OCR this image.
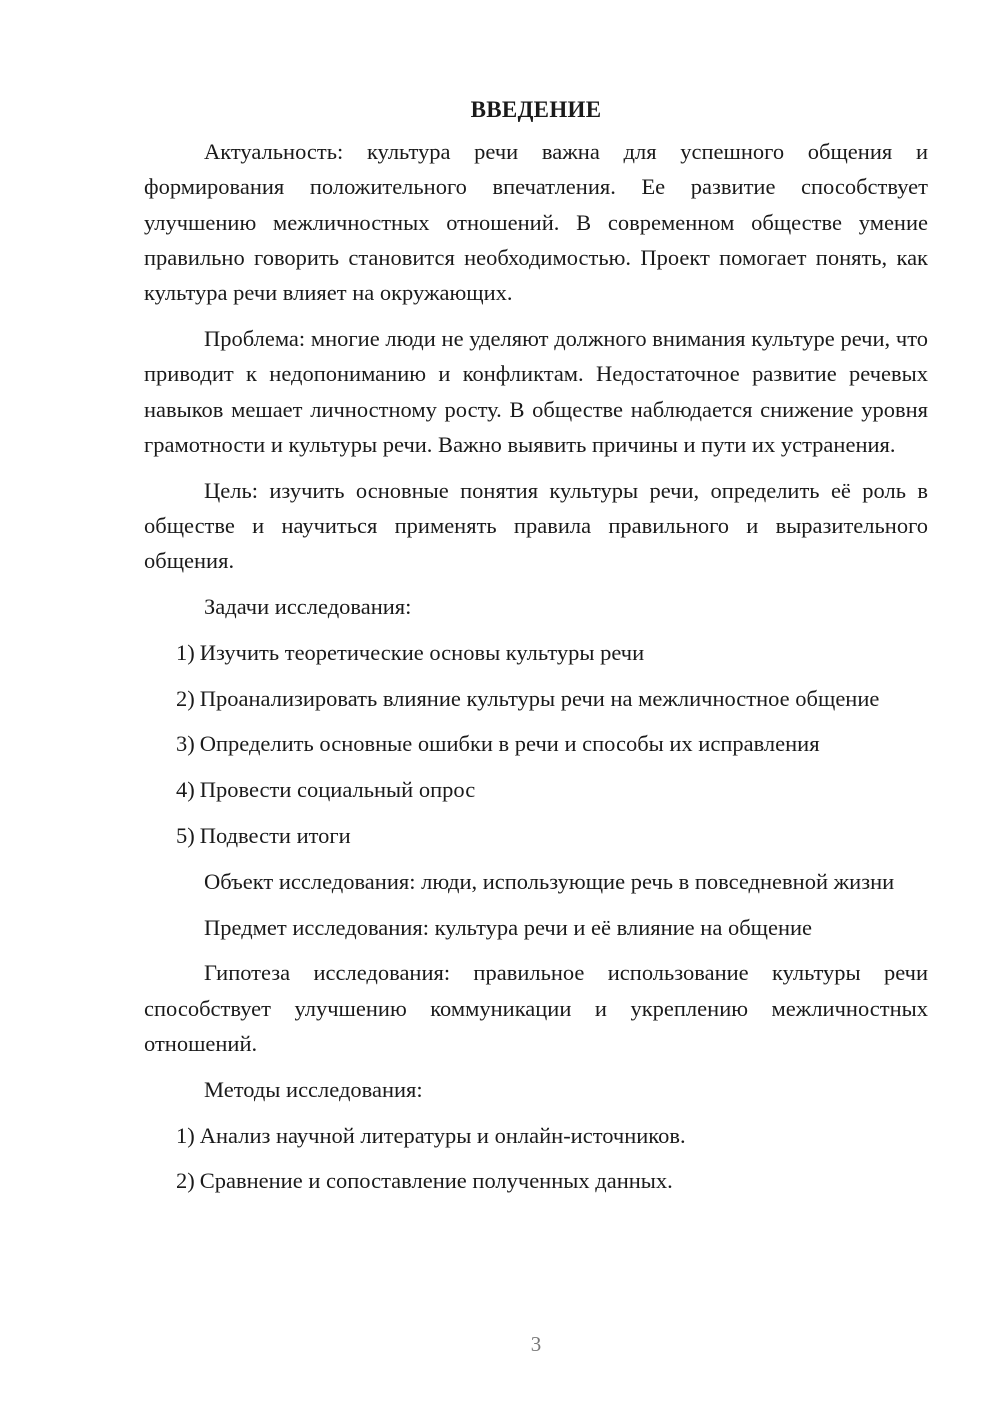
ВВЕДЕНИЕ

Актуальность: культура речи важна для успешного общения и формирования положительного впечатления. Ее развитие способствует улучшению межличностных отношений. В современном обществе умение правильно говорить становится необходимостью. Проект помогает понять, как культура речи влияет на окружающих.

Проблема: многие люди не уделяют должного внимания культуре речи, что приводит к недопониманию и конфликтам. Недостаточное развитие речевых навыков мешает личностному росту. В обществе наблюдается снижение уровня грамотности и культуры речи. Важно выявить причины и пути их устранения.

Цель: изучить основные понятия культуры речи, определить её роль в обществе и научиться применять правила правильного и выразительного общения.

Задачи исследования:

1) Изучить теоретические основы культуры речи

2) Проанализировать влияние культуры речи на межличностное общение

3) Определить основные ошибки в речи и способы их исправления

4) Провести социальный опрос

5) Подвести итоги

Объект исследования: люди, использующие речь в повседневной жизни

Предмет исследования: культура речи и её влияние на общение

Гипотеза исследования: правильное использование культуры речи способствует улучшению коммуникации и укреплению межличностных отношений.

Методы исследования:

1) Анализ научной литературы и онлайн-источников.

2) Сравнение и сопоставление полученных данных.

3
